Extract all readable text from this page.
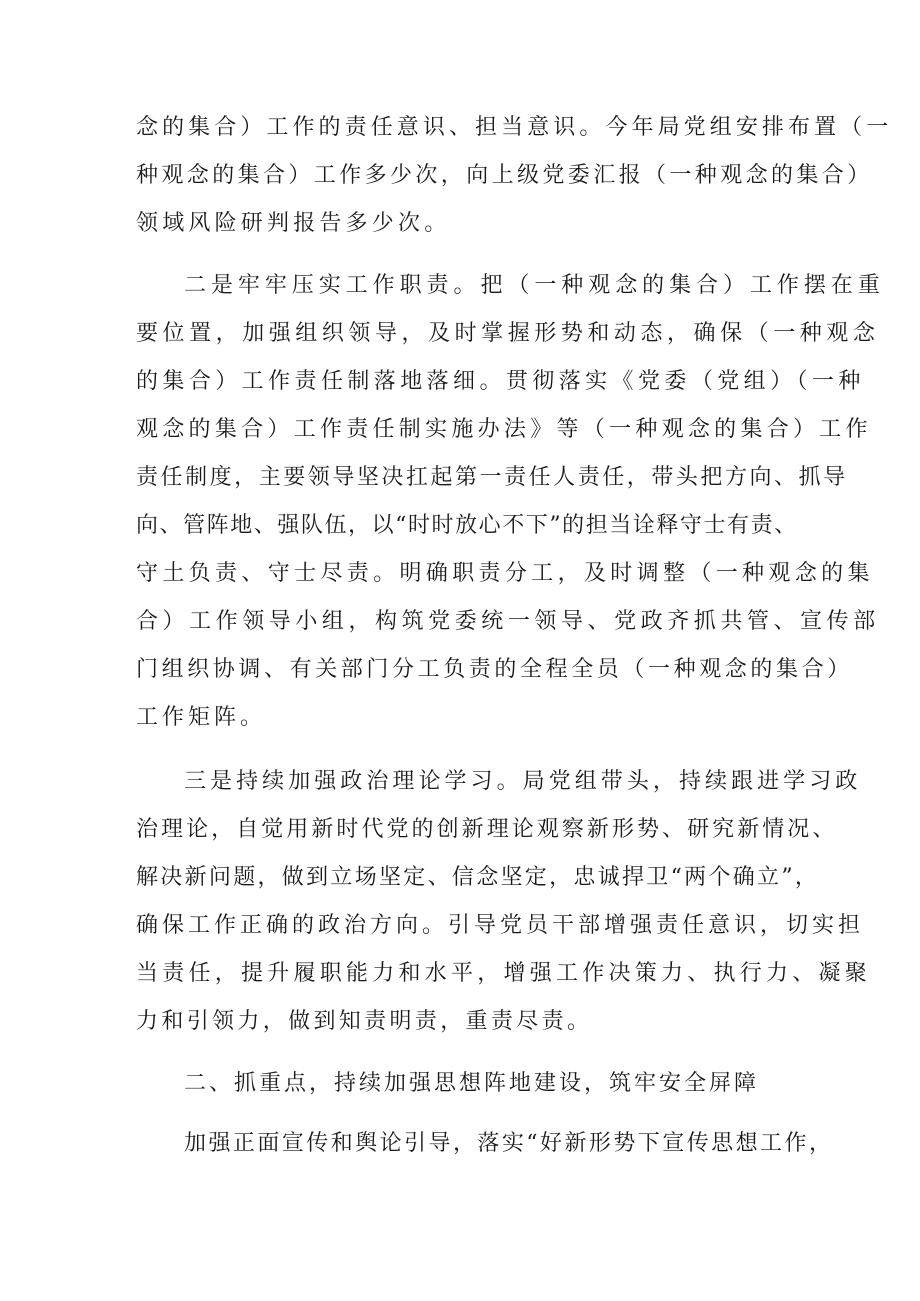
念的集合）工作的责任意识、担当意识。今年局党组安排布置（一

种观念的集合）工作多少次，向上级党委汇报（一种观念的集合）

领域风险研判报告多少次。

二是牢牢压实工作职责。把（一种观念的集合）工作摆在重

要位置，加强组织领导，及时掌握形势和动态，确保（一种观念

的集合）工作责任制落地落细。贯彻落实《党委（党组）（一种

观念的集合）工作责任制实施办法》等（一种观念的集合）工作

责任制度，主要领导坚决扛起第一责任人责任，带头把方向、抓导

向、管阵地、强队伍，以“时时放心不下”的担当诠释守士有责、

守土负责、守士尽责。明确职责分工，及时调整（一种观念的集

合）工作领导小组，构筑党委统一领导、党政齐抓共管、宣传部

门组织协调、有关部门分工负责的全程全员（一种观念的集合）

工作矩阵。

三是持续加强政治理论学习。局党组带头，持续跟进学习政

治理论，自觉用新时代党的创新理论观察新形势、研究新情况、

解决新问题，做到立场坚定、信念坚定，忠诚捍卫“两个确立”，

确保工作正确的政治方向。引导党员干部增强责任意识，切实担

当责任，提升履职能力和水平，增强工作决策力、执行力、凝聚

力和引领力，做到知责明责，重责尽责。

二、抓重点，持续加强思想阵地建设，筑牢安全屏障

加强正面宣传和舆论引导，落实“好新形势下宣传思想工作，
